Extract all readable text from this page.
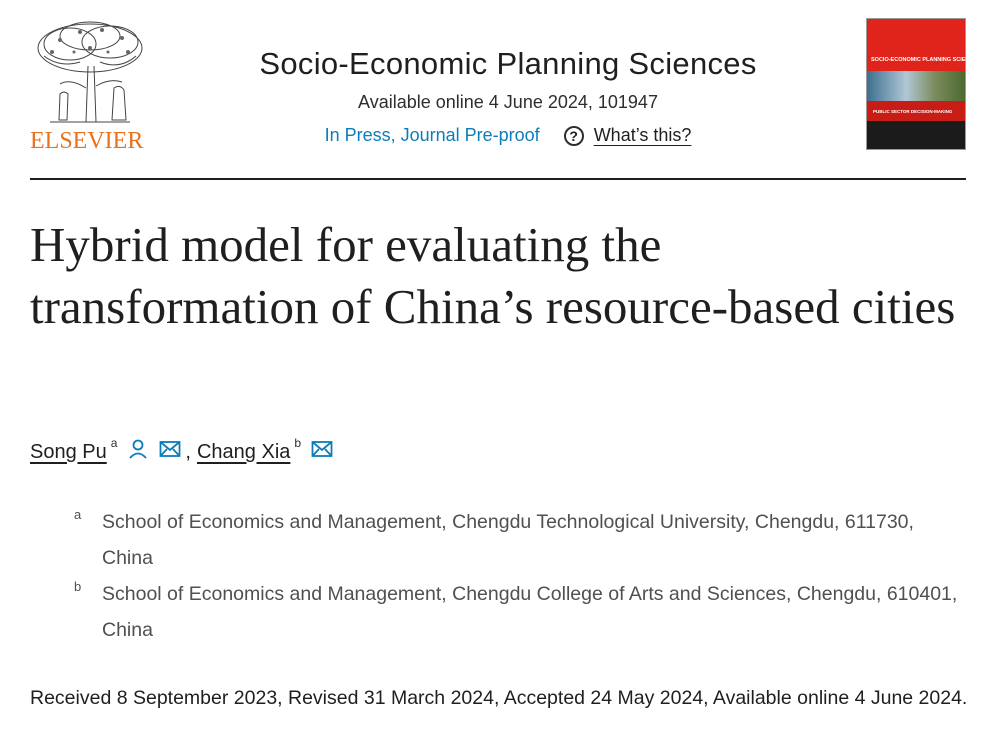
ELSEVIER
Socio-Economic Planning Sciences
Available online 4 June 2024, 101947
In Press, Journal Pre-proof	? What’s this?
SOCIO-ECONOMIC PLANNING SCIENCES
PUBLIC SECTOR DECISION-MAKING
Hybrid model for evaluating the transformation of China’s resource-based cities
Song Pu a	, Chang Xia b
a	School of Economics and Management, Chengdu Technological University, Chengdu, 611730, China
b	School of Economics and Management, Chengdu College of Arts and Sciences, Chengdu, 610401, China
Received 8 September 2023, Revised 31 March 2024, Accepted 24 May 2024, Available online 4 June 2024.
